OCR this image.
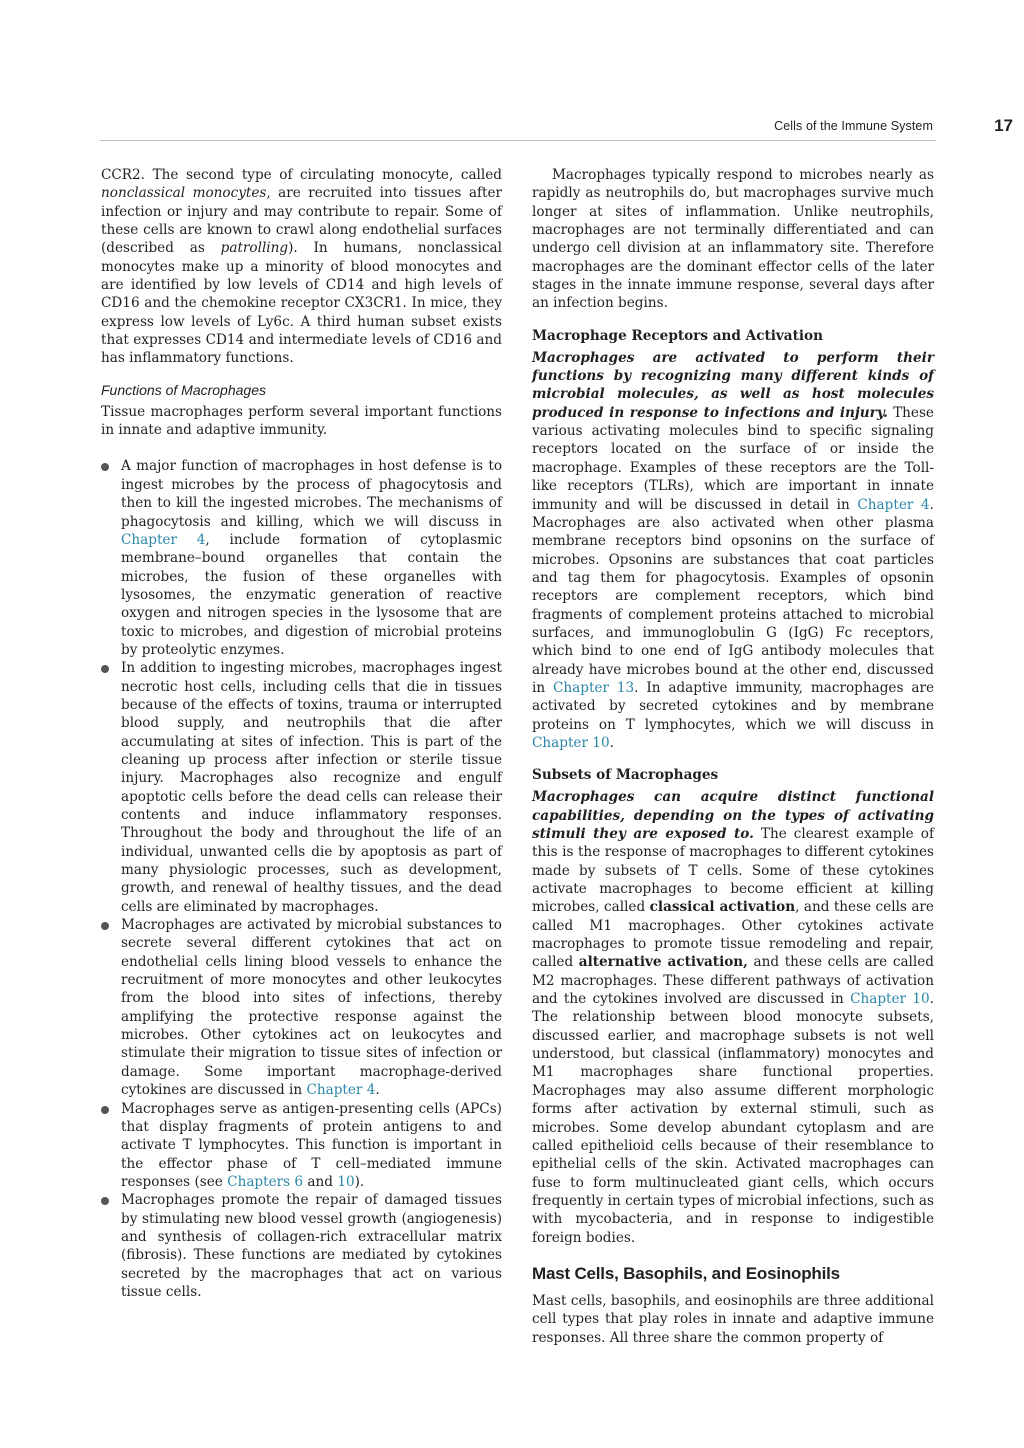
Cells of the Immune System	17

CCR2. The second type of circulating monocyte, called nonclassical monocytes, are recruited into tissues after infection or injury and may contribute to repair. Some of these cells are known to crawl along endothelial surfaces (described as patrolling). In humans, nonclassical monocytes make up a minority of blood monocytes and are identified by low levels of CD14 and high levels of CD16 and the chemokine receptor CX3CR1. In mice, they express low levels of Ly6c. A third human subset exists that expresses CD14 and intermediate levels of CD16 and has inflammatory functions.

Functions of Macrophages

Tissue macrophages perform several important functions in innate and adaptive immunity.

A major function of macrophages in host defense is to ingest microbes by the process of phagocytosis and then to kill the ingested microbes. The mechanisms of phagocytosis and killing, which we will discuss in Chapter 4, include formation of cytoplasmic membrane–bound organelles that contain the microbes, the fusion of these organelles with lysosomes, the enzymatic generation of reactive oxygen and nitrogen species in the lysosome that are toxic to microbes, and digestion of microbial proteins by proteolytic enzymes.
In addition to ingesting microbes, macrophages ingest necrotic host cells, including cells that die in tissues because of the effects of toxins, trauma or interrupted blood supply, and neutrophils that die after accumulating at sites of infection. This is part of the cleaning up process after infection or sterile tissue injury. Macrophages also recognize and engulf apoptotic cells before the dead cells can release their contents and induce inflammatory responses. Throughout the body and throughout the life of an individual, unwanted cells die by apoptosis as part of many physiologic processes, such as development, growth, and renewal of healthy tissues, and the dead cells are eliminated by macrophages.
Macrophages are activated by microbial substances to secrete several different cytokines that act on endothelial cells lining blood vessels to enhance the recruitment of more monocytes and other leukocytes from the blood into sites of infections, thereby amplifying the protective response against the microbes. Other cytokines act on leukocytes and stimulate their migration to tissue sites of infection or damage. Some important macrophage-derived cytokines are discussed in Chapter 4.
Macrophages serve as antigen-presenting cells (APCs) that display fragments of protein antigens to and activate T lymphocytes. This function is important in the effector phase of T cell–mediated immune responses (see Chapters 6 and 10).
Macrophages promote the repair of damaged tissues by stimulating new blood vessel growth (angiogenesis) and synthesis of collagen-rich extracellular matrix (fibrosis). These functions are mediated by cytokines secreted by the macrophages that act on various tissue cells.

Macrophages typically respond to microbes nearly as rapidly as neutrophils do, but macrophages survive much longer at sites of inflammation. Unlike neutrophils, macrophages are not terminally differentiated and can undergo cell division at an inflammatory site. Therefore macrophages are the dominant effector cells of the later stages in the innate immune response, several days after an infection begins.

Macrophage Receptors and Activation

Macrophages are activated to perform their functions by recognizing many different kinds of microbial molecules, as well as host molecules produced in response to infections and injury. These various activating molecules bind to specific signaling receptors located on the surface of or inside the macrophage. Examples of these receptors are the Toll-like receptors (TLRs), which are important in innate immunity and will be discussed in detail in Chapter 4. Macrophages are also activated when other plasma membrane receptors bind opsonins on the surface of microbes. Opsonins are substances that coat particles and tag them for phagocytosis. Examples of opsonin receptors are complement receptors, which bind fragments of complement proteins attached to microbial surfaces, and immunoglobulin G (IgG) Fc receptors, which bind to one end of IgG antibody molecules that already have microbes bound at the other end, discussed in Chapter 13. In adaptive immunity, macrophages are activated by secreted cytokines and by membrane proteins on T lymphocytes, which we will discuss in Chapter 10.

Subsets of Macrophages

Macrophages can acquire distinct functional capabilities, depending on the types of activating stimuli they are exposed to. The clearest example of this is the response of macrophages to different cytokines made by subsets of T cells. Some of these cytokines activate macrophages to become efficient at killing microbes, called classical activation, and these cells are called M1 macrophages. Other cytokines activate macrophages to promote tissue remodeling and repair, called alternative activation, and these cells are called M2 macrophages. These different pathways of activation and the cytokines involved are discussed in Chapter 10. The relationship between blood monocyte subsets, discussed earlier, and macrophage subsets is not well understood, but classical (inflammatory) monocytes and M1 macrophages share functional properties. Macrophages may also assume different morphologic forms after activation by external stimuli, such as microbes. Some develop abundant cytoplasm and are called epithelioid cells because of their resemblance to epithelial cells of the skin. Activated macrophages can fuse to form multinucleated giant cells, which occurs frequently in certain types of microbial infections, such as with mycobacteria, and in response to indigestible foreign bodies.

Mast Cells, Basophils, and Eosinophils

Mast cells, basophils, and eosinophils are three additional cell types that play roles in innate and adaptive immune responses. All three share the common property of
